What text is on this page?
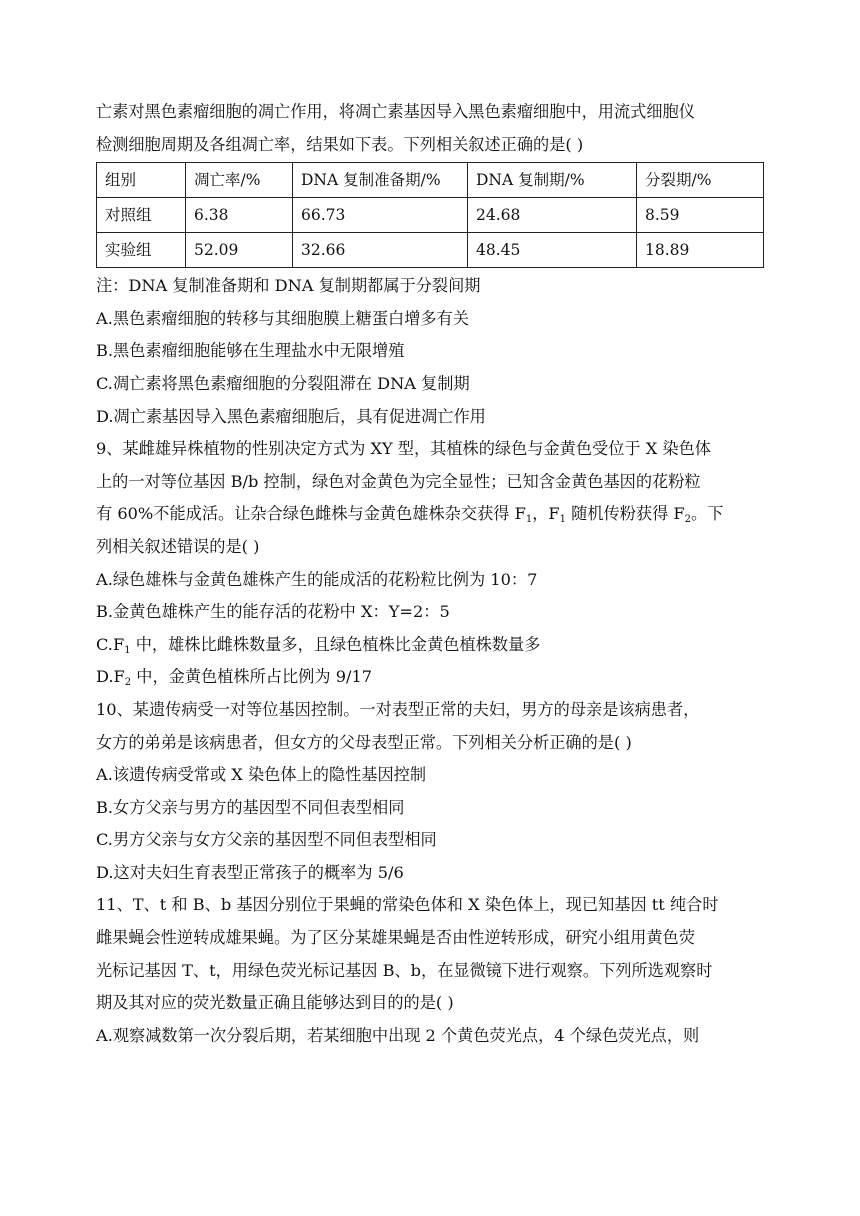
亡素对黑色素瘤细胞的凋亡作用，将凋亡素基因导入黑色素瘤细胞中，用流式细胞仪
检测细胞周期及各组凋亡率，结果如下表。下列相关叙述正确的是( )
组别	凋亡率/%	DNA 复制准备期/%	DNA 复制期/%	分裂期/%
对照组	6.38	66.73	24.68	8.59
实验组	52.09	32.66	48.45	18.89
注：DNA 复制准备期和 DNA 复制期都属于分裂间期
A.黑色素瘤细胞的转移与其细胞膜上糖蛋白增多有关
B.黑色素瘤细胞能够在生理盐水中无限增殖
C.凋亡素将黑色素瘤细胞的分裂阻滞在 DNA 复制期
D.凋亡素基因导入黑色素瘤细胞后，具有促进凋亡作用
9、某雌雄异株植物的性别决定方式为 XY 型，其植株的绿色与金黄色受位于 X 染色体
上的一对等位基因 B/b 控制，绿色对金黄色为完全显性；已知含金黄色基因的花粉粒
有 60%不能成活。让杂合绿色雌株与金黄色雄株杂交获得 $F_1$，$F_1$ 随机传粉获得 $F_2$。下
列相关叙述错误的是( )
A.绿色雄株与金黄色雄株产生的能成活的花粉粒比例为 10：7
B.金黄色雄株产生的能存活的花粉中 X：Y=2：5
$C.F_1$ 中，雄株比雌株数量多，且绿色植株比金黄色植株数量多
$D.F_2$ 中，金黄色植株所占比例为 9/17
10、某遗传病受一对等位基因控制。一对表型正常的夫妇，男方的母亲是该病患者，
女方的弟弟是该病患者，但女方的父母表型正常。下列相关分析正确的是( )
A.该遗传病受常或 X 染色体上的隐性基因控制
B.女方父亲与男方的基因型不同但表型相同
C.男方父亲与女方父亲的基因型不同但表型相同
D.这对夫妇生育表型正常孩子的概率为 5/6
11、T、t 和 B、b 基因分别位于果蝇的常染色体和 X 染色体上，现已知基因 tt 纯合时
雌果蝇会性逆转成雄果蝇。为了区分某雄果蝇是否由性逆转形成，研究小组用黄色荧
光标记基因 T、t，用绿色荧光标记基因 B、b，在显微镜下进行观察。下列所选观察时
期及其对应的荧光数量正确且能够达到目的的是( )
A.观察减数第一次分裂后期，若某细胞中出现 2 个黄色荧光点，4 个绿色荧光点，则
